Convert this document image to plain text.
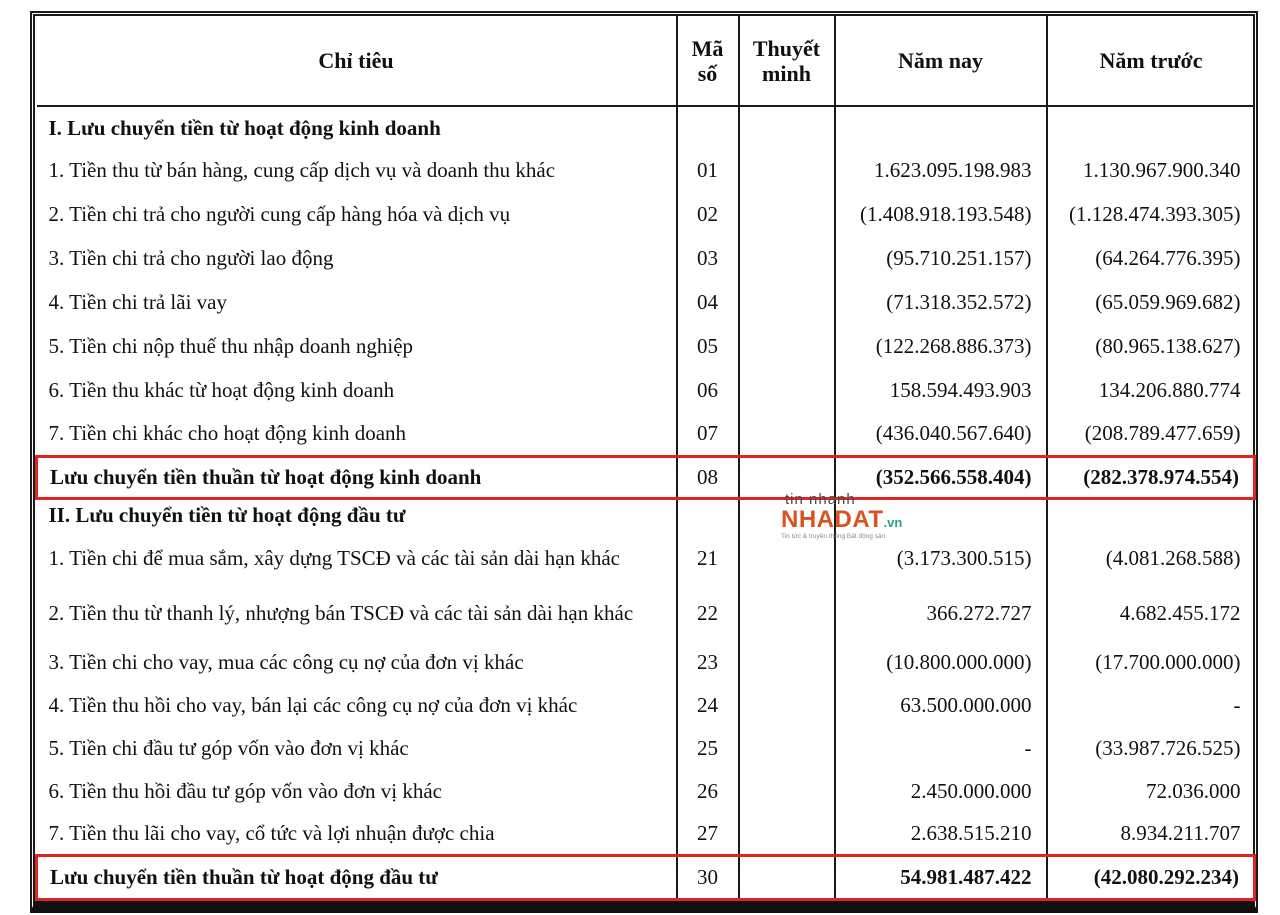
Chỉ tiêu	Mã số	Thuyết minh	Năm nay	Năm trước
I. Lưu chuyển tiền từ hoạt động kinh doanh				
1. Tiền thu từ bán hàng, cung cấp dịch vụ và doanh thu khác	01		1.623.095.198.983	1.130.967.900.340
2. Tiền chi trả cho người cung cấp hàng hóa và dịch vụ	02		(1.408.918.193.548)	(1.128.474.393.305)
3. Tiền chi trả cho người lao động	03		(95.710.251.157)	(64.264.776.395)
4. Tiền chi trả lãi vay	04		(71.318.352.572)	(65.059.969.682)
5. Tiền chi nộp thuế thu nhập doanh nghiệp	05		(122.268.886.373)	(80.965.138.627)
6. Tiền thu khác từ hoạt động kinh doanh	06		158.594.493.903	134.206.880.774
7. Tiền chi khác cho hoạt động kinh doanh	07		(436.040.567.640)	(208.789.477.659)
Lưu chuyển tiền thuần từ hoạt động kinh doanh	08		(352.566.558.404)	(282.378.974.554)
II. Lưu chuyển tiền từ hoạt động đầu tư				
1. Tiền chi để mua sắm, xây dựng TSCĐ và các tài sản dài hạn khác	21		(3.173.300.515)	(4.081.268.588)
2. Tiền thu từ thanh lý, nhượng bán TSCĐ và các tài sản dài hạn khác	22		366.272.727	4.682.455.172
3. Tiền chi cho vay, mua các công cụ nợ của đơn vị khác	23		(10.800.000.000)	(17.700.000.000)
4. Tiền thu hồi cho vay, bán lại các công cụ nợ của đơn vị khác	24		63.500.000.000	-
5. Tiền chi đầu tư góp vốn vào đơn vị khác	25		-	(33.987.726.525)
6. Tiền thu hồi đầu tư góp vốn vào đơn vị khác	26		2.450.000.000	72.036.000
7. Tiền thu lãi cho vay, cổ tức và lợi nhuận được chia	27		2.638.515.210	8.934.211.707
Lưu chuyển tiền thuần từ hoạt động đầu tư	30		54.981.487.422	(42.080.292.234)
tin nhanh
NHADAT.vn
Tin tức & truyền thông Bất động sản
